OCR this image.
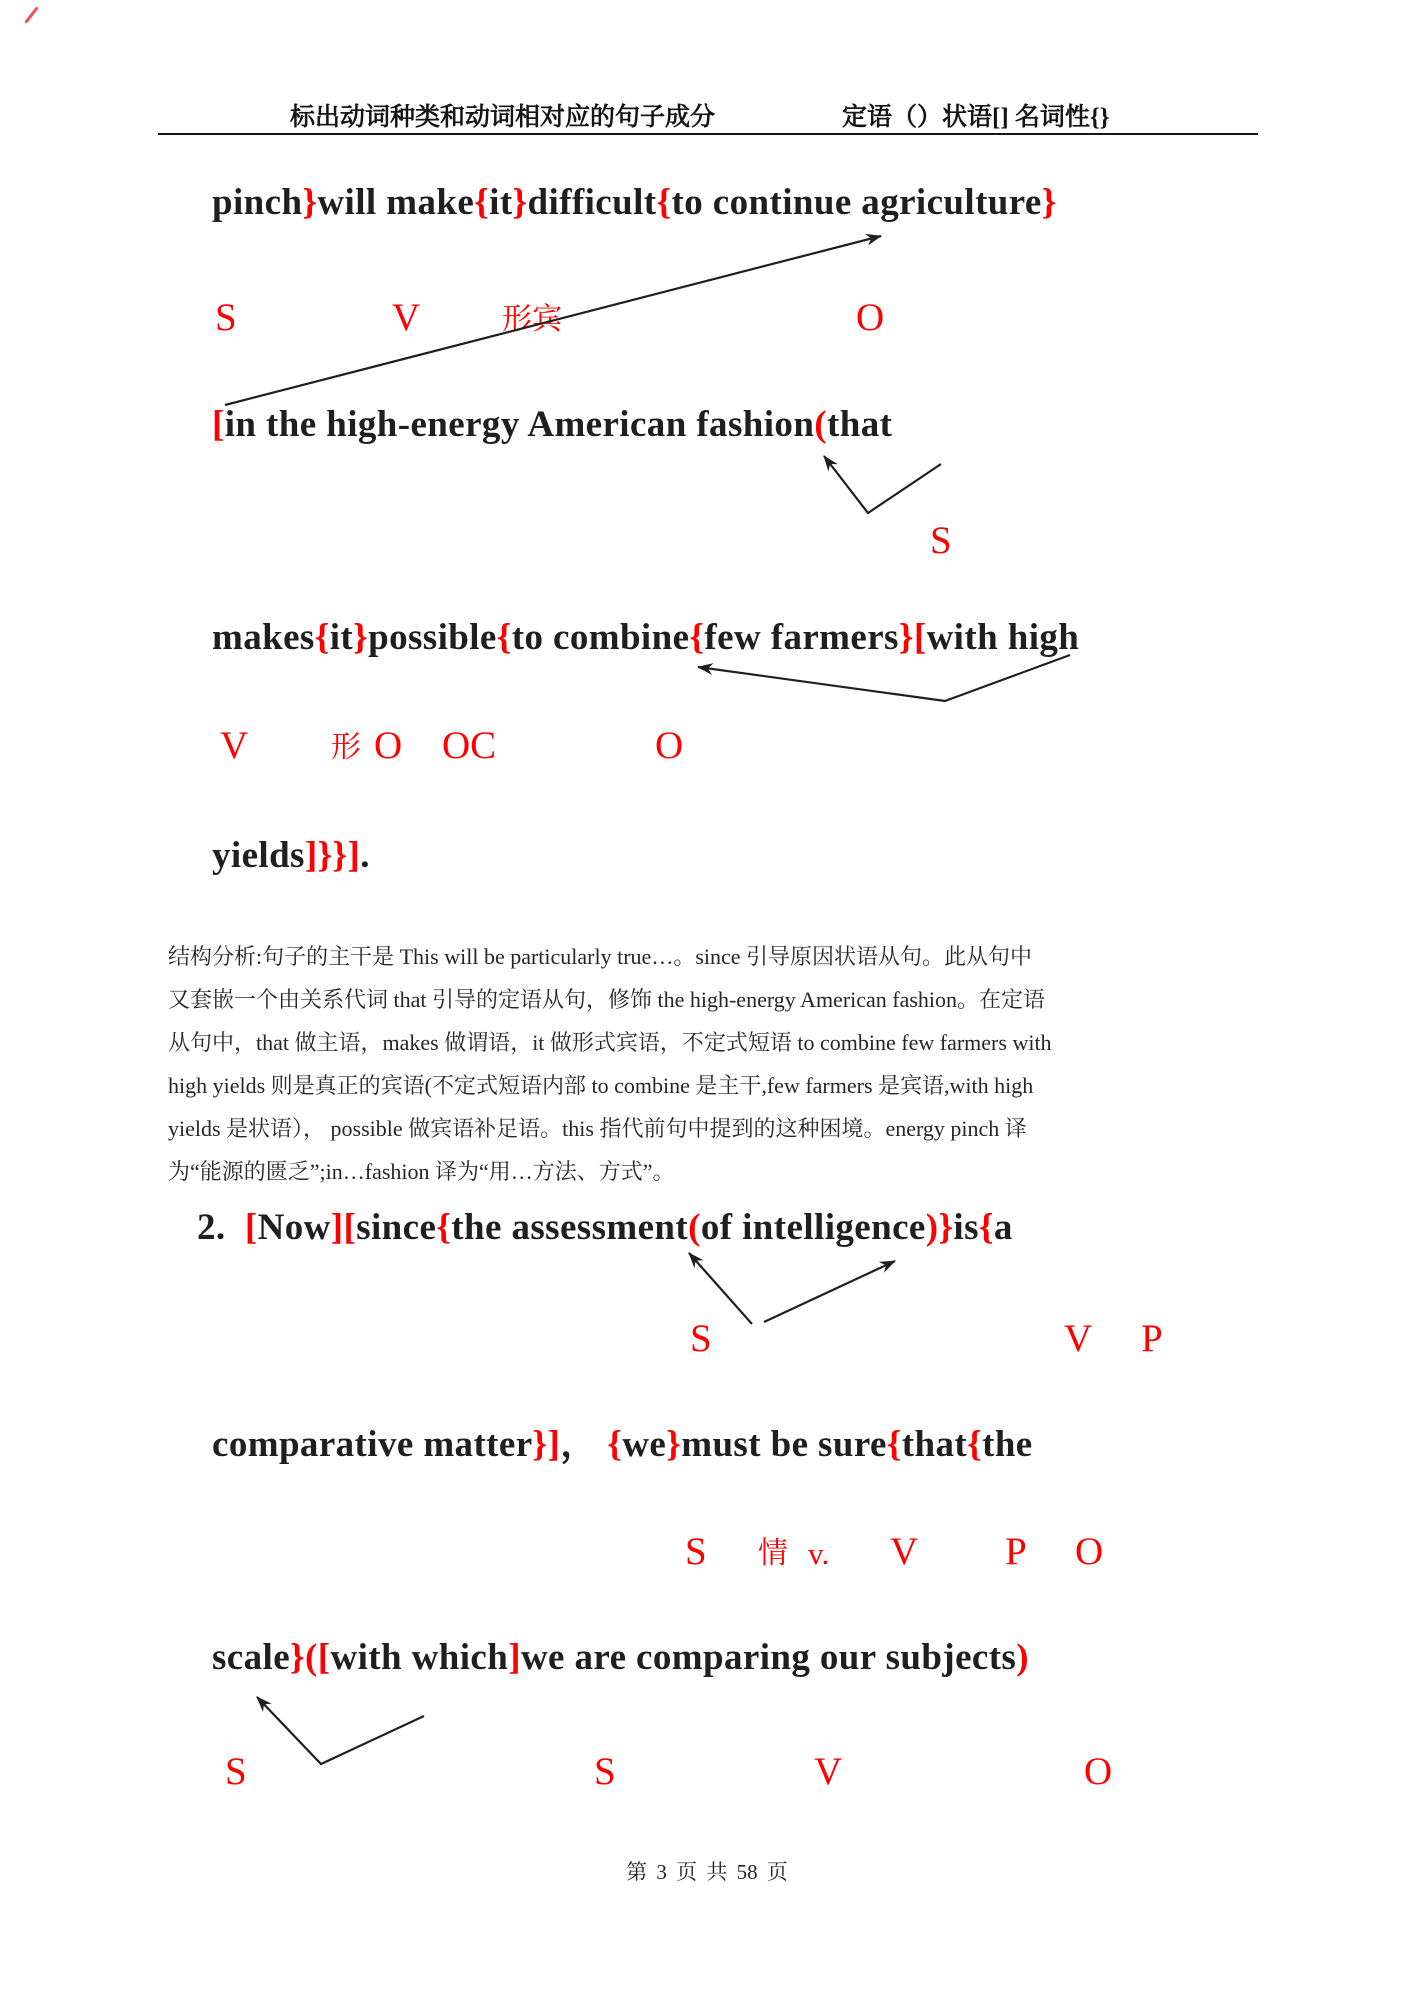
标出动词种类和动词相对应的句子成分	定语（）状语[] 名词性{}
pinch}will make{it}difficult{to continue agriculture}
[in the high-energy American fashion(that
makes{it}possible{to combine{few farmers}[with high
yields]}}].
2.  [Now][since{the assessment(of intelligence)}is{a
comparative matter}]， {we}must be sure{that{the
scale}([with which]we are comparing our subjects)
S	V	形宾	O
S
V	形 O OC	O
S	V P
S 情 v. V P O
S	S	V	O
结构分析:句子的主干是 This will be particularly true…。since 引导原因状语从句。此从句中
又套嵌一个由关系代词 that 引导的定语从句，修饰 the high-energy American fashion。在定语
从句中，that 做主语，makes 做谓语，it 做形式宾语，不定式短语 to combine few farmers with
high yields 则是真正的宾语(不定式短语内部 to combine 是主干,few farmers 是宾语,with high
yields 是状语）， possible 做宾语补足语。this 指代前句中提到的这种困境。energy pinch 译
为“能源的匮乏”;in…fashion 译为“用…方法、方式”。
第 3 页 共 58 页
